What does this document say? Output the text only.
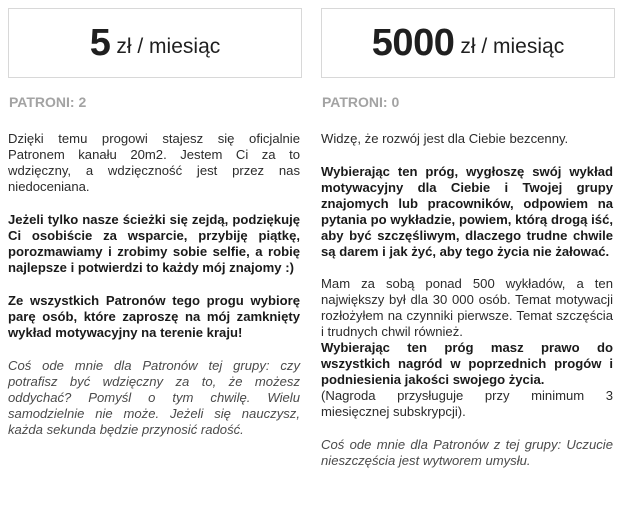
5 zł / miesiąc
PATRONI: 2

Dzięki temu progowi stajesz się oficjalnie Patronem kanału 20m2. Jestem Ci za to wdzięczny, a wdzięczność jest przez nas niedoceniana.

Jeżeli tylko nasze ścieżki się zejdą, podziękuję Ci osobiście za wsparcie, przybiję piątkę, porozmawiamy i zrobimy sobie selfie, a robię najlepsze i potwierdzi to każdy mój znajomy :)

Ze wszystkich Patronów tego progu wybiorę parę osób, które zaproszę na mój zamknięty wykład motywacyjny na terenie kraju!

Coś ode mnie dla Patronów tej grupy: czy potrafisz być wdzięczny za to, że możesz oddychać? Pomyśl o tym chwilę. Wielu samodzielnie nie może. Jeżeli się nauczysz, każda sekunda będzie przynosić radość.

5000 zł / miesiąc
PATRONI: 0

Widzę, że rozwój jest dla Ciebie bezcenny.

Wybierając ten próg, wygłoszę swój wykład motywacyjny dla Ciebie i Twojej grupy znajomych lub pracowników, odpowiem na pytania po wykładzie, powiem, którą drogą iść, aby być szczęśliwym, dlaczego trudne chwile są darem i jak żyć, aby tego życia nie żałować.

Mam za sobą ponad 500 wykładów, a ten największy był dla 30 000 osób. Temat motywacji rozłożyłem na czynniki pierwsze. Temat szczęścia i trudnych chwil również.

Wybierając ten próg masz prawo do wszystkich nagród w poprzednich progów i podniesienia jakości swojego życia.

(Nagroda przysługuje przy minimum 3 miesięcznej subskrypcji).

Coś ode mnie dla Patronów z tej grupy: Uczucie nieszczęścia jest wytworem umysłu.
